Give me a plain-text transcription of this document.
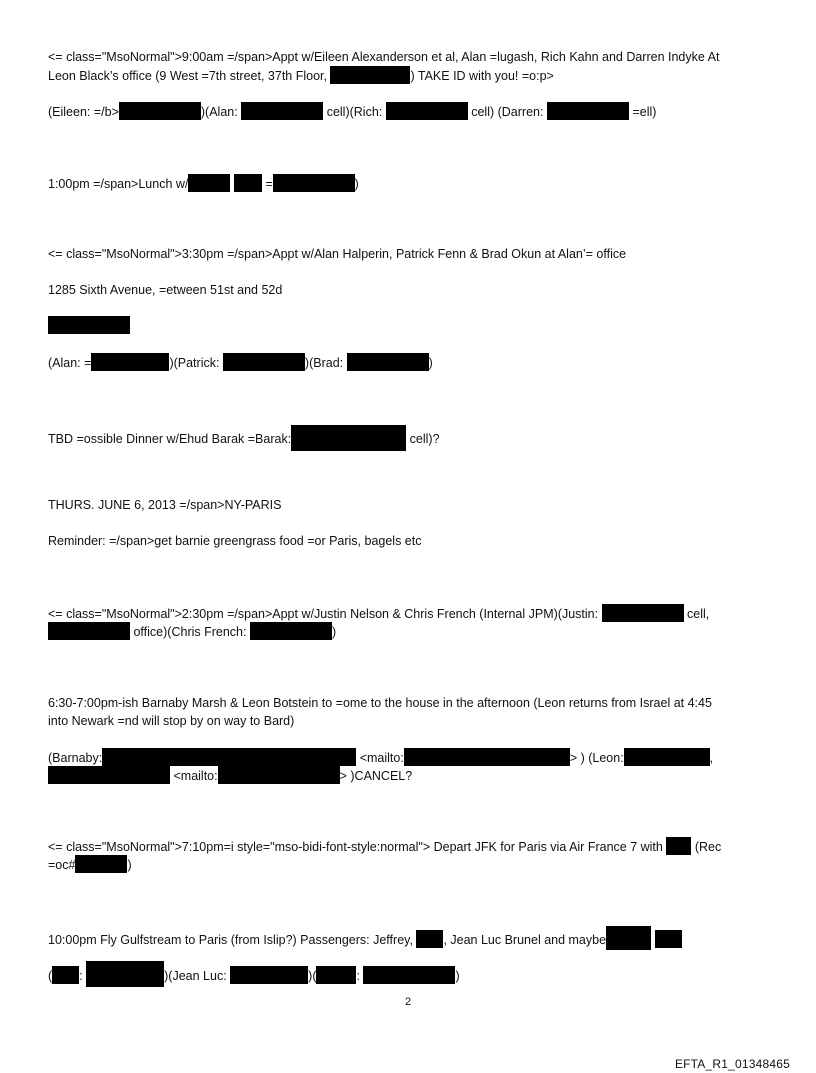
<= class="MsoNormal">9:00am =/span>Appt w/Eileen Alexanderson et al, Alan =lugash, Rich Kahn and Darren Indyke At
Leon Black’s office (9 West =7th street, 37th Floor,	) TAKE ID with you! =o:p>
(Eileen: =/b>	)(Alan:	cell)(Rich:	cell) (Darren:	=ell)
1:00pm =/span>Lunch w/	=	)
<= class="MsoNormal">3:30pm =/span>Appt w/Alan Halperin, Patrick Fenn & Brad Okun at Alan’= office
1285 Sixth Avenue, =etween 51st and 52d
(Alan: =	)(Patrick:	)(Brad:	)
TBD =ossible Dinner w/Ehud Barak =Barak:	cell)?
THURS. JUNE 6, 2013 =/span>NY-PARIS
Reminder: =/span>get barnie greengrass food =or Paris, bagels etc
<= class="MsoNormal">2:30pm =/span>Appt w/Justin Nelson & Chris French (Internal JPM)(Justin:	cell,
office)(Chris French:	)
6:30-7:00pm-ish Barnaby Marsh & Leon Botstein to =ome to the house in the afternoon (Leon returns from Israel at 4:45
into Newark =nd will stop by on way to Bard)
(Barnaby:	<mailto:	> ) (Leon:	,
<mailto:	> )CANCEL?
<= class="MsoNormal">7:10pm=i style="mso-bidi-font-style:normal"> Depart JFK for Paris via Air France 7 with	(Rec
=oc#	)
10:00pm Fly Gulfstream to Paris (from Islip?) Passengers: Jeffrey, , Jean Luc Brunel and maybe
( :	)(Jean Luc:	)(	:	)
2
EFTA_R1_01348465
